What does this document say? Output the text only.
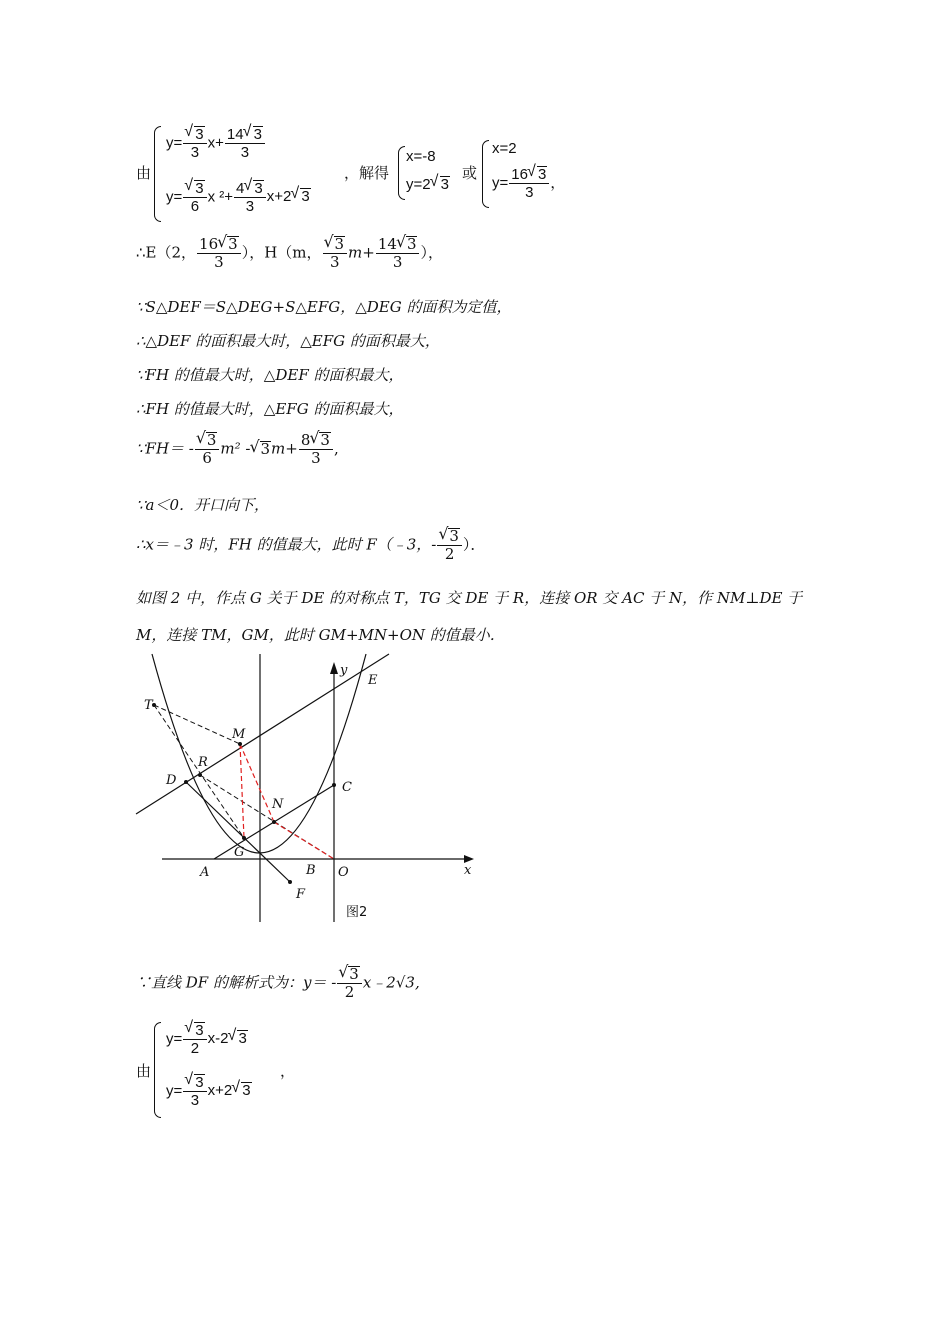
由
y=
√ $\frac{3}{3} x+ \frac{14√ 3}{3}$
y=
√ $\frac{3}{6}$ x $^2+ \frac{4√ 3}{3} x+2√$ 3
，解得
x=-8
y=2√ 3
或
x=2
$y= \frac{16√ 3}{3}$ ，
∴E（2， $\frac{16√ 3}{3}$ ），H（m，
√ $\frac{3}{3} m+ \frac{14√ 3}{3}$ ），
∵S△DEF＝S△DEG+S△EFG，△DEG 的面积为定值，
∴△DEF 的面积最大时，△EFG 的面积最大，
∵FH 的值最大时，△DEF 的面积最大，
∴FH 的值最大时，△EFG 的面积最大，
∵FH＝ -
√ $\frac{3}{6} m^2$ -√ $3m+ \frac{8√ 3}{3}$ ,
∵a＜0．开口向下，
∴x＝﹣3 时，FH 的值最大，此时 F（﹣3，-
√ $\frac{3}{2}$ ）．
如图 2 中，作点 G 关于 DE 的对称点 T，TG 交 DE 于 R，连接 OR 交 AC 于 N，作 NM⊥DE 于
M，连接 TM，GM，此时 GM+MN+ON 的值最小．
T
M
R
D
N
C
G
A	B O
F
E
y
x
图2
∵直线 DF 的解析式为：y＝ -
√ $\frac{3}{2}$ x﹣2√3,
由
y=
√ $\frac{3}{2} x-2√$ 3
y=
√ $\frac{3}{3} x+2√$ 3
，
